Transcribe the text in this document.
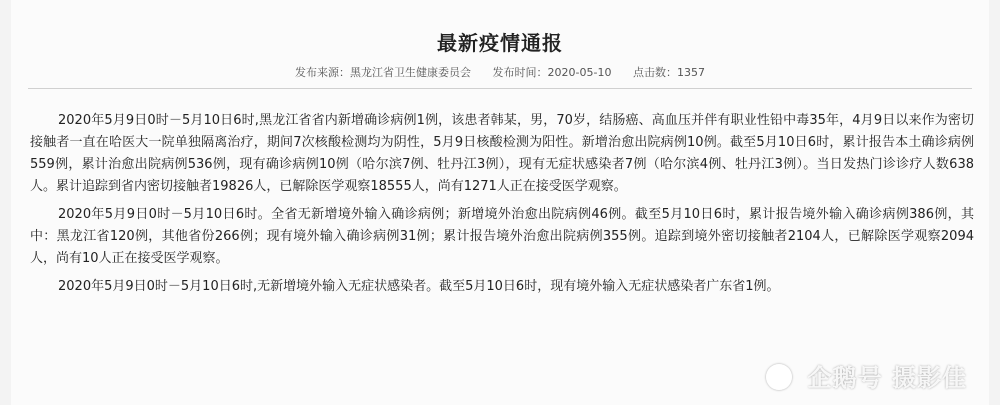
最新疫情通报
发布来源：黑龙江省卫生健康委员会 发布时间：2020-05-10 点击数：1357

2020年5月9日0时－5月10日6时,黑龙江省省内新增确诊病例1例，该患者韩某，男，70岁，结肠癌、高血压并伴有职业性铅中毒35年，4月9日以来作为密切接触者一直在哈医大一院单独隔离治疗，期间7次核酸检测均为阴性，5月9日核酸检测为阳性。新增治愈出院病例10例。截至5月10日6时，累计报告本土确诊病例559例，累计治愈出院病例536例，现有确诊病例10例（哈尔滨7例、牡丹江3例），现有无症状感染者7例（哈尔滨4例、牡丹江3例）。当日发热门诊诊疗人数638人。累计追踪到省内密切接触者19826人，已解除医学观察18555人，尚有1271人正在接受医学观察。

2020年5月9日0时－5月10日6时。全省无新增境外输入确诊病例；新增境外治愈出院病例46例。截至5月10日6时，累计报告境外输入确诊病例386例，其中：黑龙江省120例，其他省份266例；现有境外输入确诊病例31例；累计报告境外治愈出院病例355例。追踪到境外密切接触者2104人，已解除医学观察2094人，尚有10人正在接受医学观察。

2020年5月9日0时－5月10日6时,无新增境外输入无症状感染者。截至5月10日6时，现有境外输入无症状感染者广东省1例。

企鹅号 摄影佳
